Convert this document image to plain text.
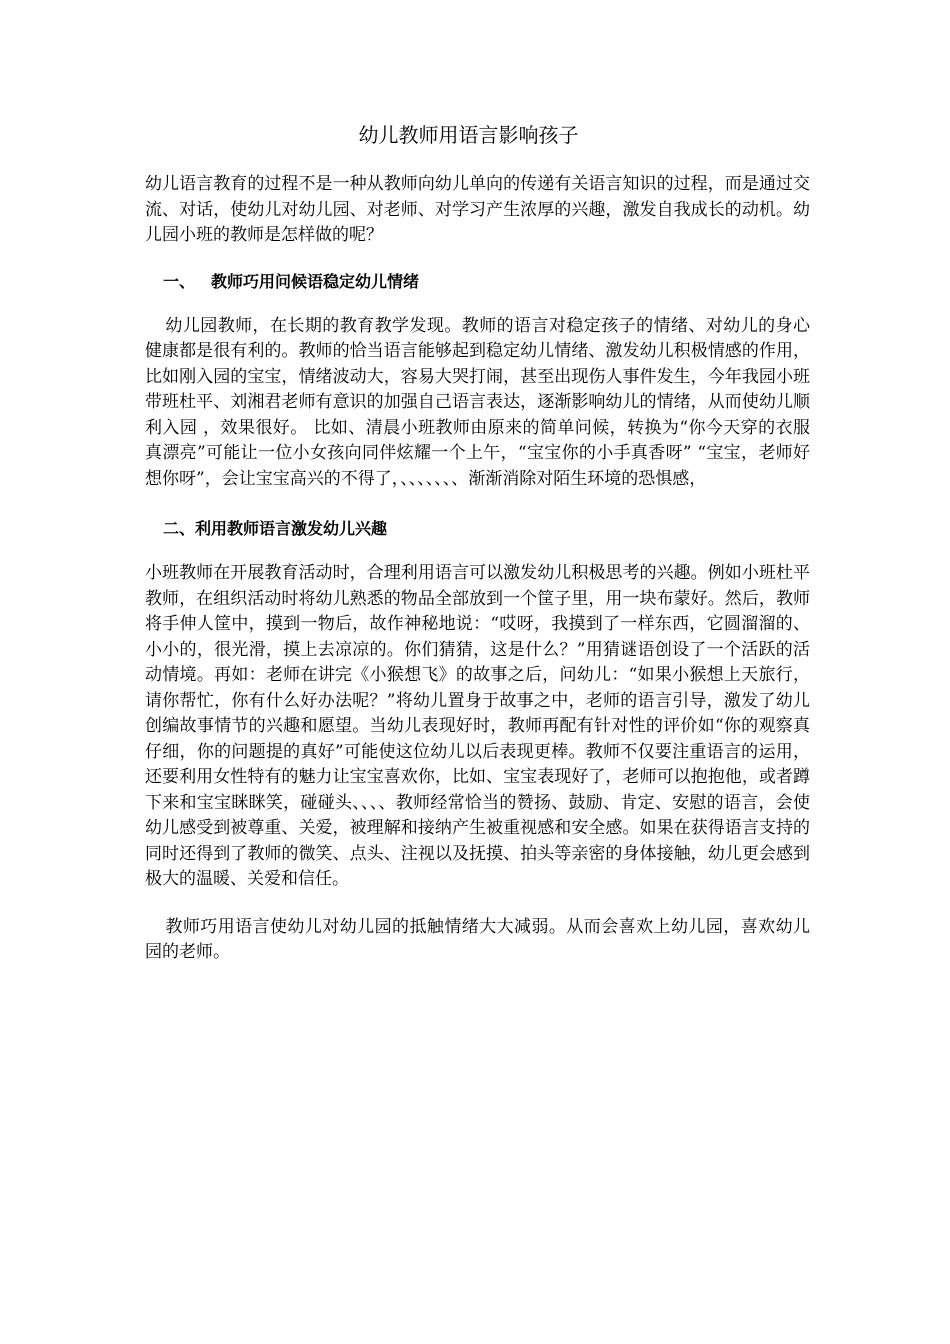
幼儿教师用语言影响孩子

幼儿语言教育的过程不是一种从教师向幼儿单向的传递有关语言知识的过程，而是通过交流、对话，使幼儿对幼儿园、对老师、对学习产生浓厚的兴趣，激发自我成长的动机。幼儿园小班的教师是怎样做的呢？

一、 教师巧用问候语稳定幼儿情绪

幼儿园教师，在长期的教育教学发现。教师的语言对稳定孩子的情绪、对幼儿的身心健康都是很有利的。教师的恰当语言能够起到稳定幼儿情绪、激发幼儿积极情感的作用，比如刚入园的宝宝，情绪波动大，容易大哭打闹，甚至出现伤人事件发生，今年我园小班带班杜平、刘湘君老师有意识的加强自己语言表达，逐渐影响幼儿的情绪，从而使幼儿顺利入园 ，效果很好。 比如、清晨小班教师由原来的简单问候，转换为“你今天穿的衣服真漂亮”可能让一位小女孩向同伴炫耀一个上午，“宝宝你的小手真香呀” “宝宝，老师好想你呀”，会让宝宝高兴的不得了，、、、、、、、渐渐消除对陌生环境的恐惧感，

二、利用教师语言激发幼儿兴趣

小班教师在开展教育活动时，合理利用语言可以激发幼儿积极思考的兴趣。例如小班杜平教师，在组织活动时将幼儿熟悉的物品全部放到一个筐子里，用一块布蒙好。然后，教师将手伸人筐中，摸到一物后，故作神秘地说：“哎呀，我摸到了一样东西，它圆溜溜的、小小的，很光滑，摸上去凉凉的。你们猜猜，这是什么？”用猜谜语创设了一个活跃的活动情境。再如：老师在讲完《小猴想飞》的故事之后，问幼儿：“如果小猴想上天旅行，请你帮忙，你有什么好办法呢？”将幼儿置身于故事之中，老师的语言引导，激发了幼儿创编故事情节的兴趣和愿望。当幼儿表现好时，教师再配有针对性的评价如“你的观察真仔细，你的问题提的真好”可能使这位幼儿以后表现更棒。教师不仅要注重语言的运用，还要利用女性特有的魅力让宝宝喜欢你，比如、宝宝表现好了，老师可以抱抱他，或者蹲下来和宝宝眯眯笑，碰碰头、、、、教师经常恰当的赞扬、鼓励、肯定、安慰的语言，会使幼儿感受到被尊重、关爱，被理解和接纳产生被重视感和安全感。如果在获得语言支持的同时还得到了教师的微笑、点头、注视以及抚摸、拍头等亲密的身体接触，幼儿更会感到极大的温暖、关爱和信任。

教师巧用语言使幼儿对幼儿园的抵触情绪大大减弱。从而会喜欢上幼儿园，喜欢幼儿园的老师。
